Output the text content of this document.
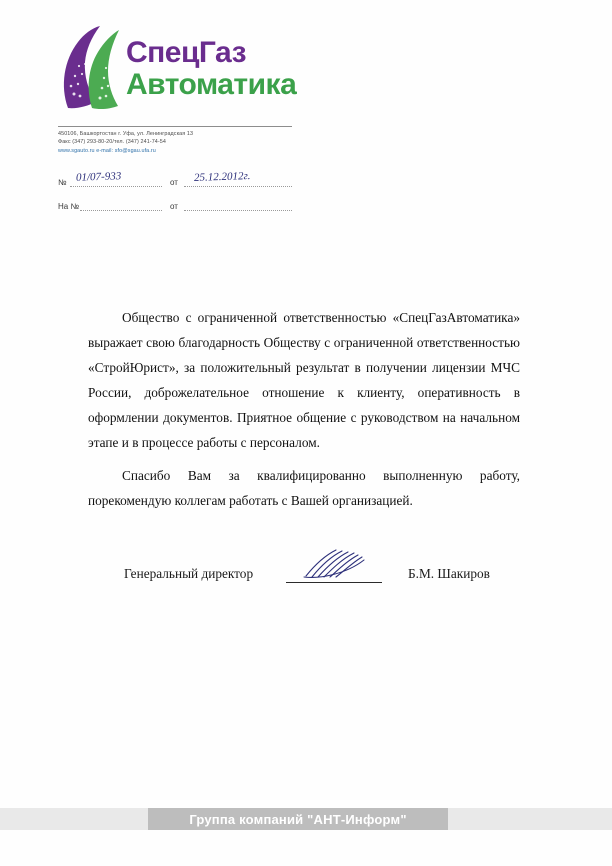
СпецГаз
Автоматика
450106, Башкортостан г. Уфа, ул. Ленинградская 13
Факс (347) 293-80-20/тел. (347) 241-74-54
www.sgauto.ru e-mail: sfo@sgau.ufa.ru
№ 01/07-933	от 25.12.2012г.
На №	от

Общество с ограниченной ответственностью «СпецГазАвтоматика» выражает свою благодарность Обществу с ограниченной ответственностью «СтройЮрист», за положительный результат в получении лицензии МЧС России, доброжелательное отношение к клиенту, оперативность в оформлении документов. Приятное общение с руководством на начальном этапе и в процессе работы с персоналом.

Спасибо Вам за квалифицированно выполненную работу, порекомендую коллегам работать с Вашей организацией.

Генеральный директор	Б.М. Шакиров
Группа компаний "АНТ-Информ"
